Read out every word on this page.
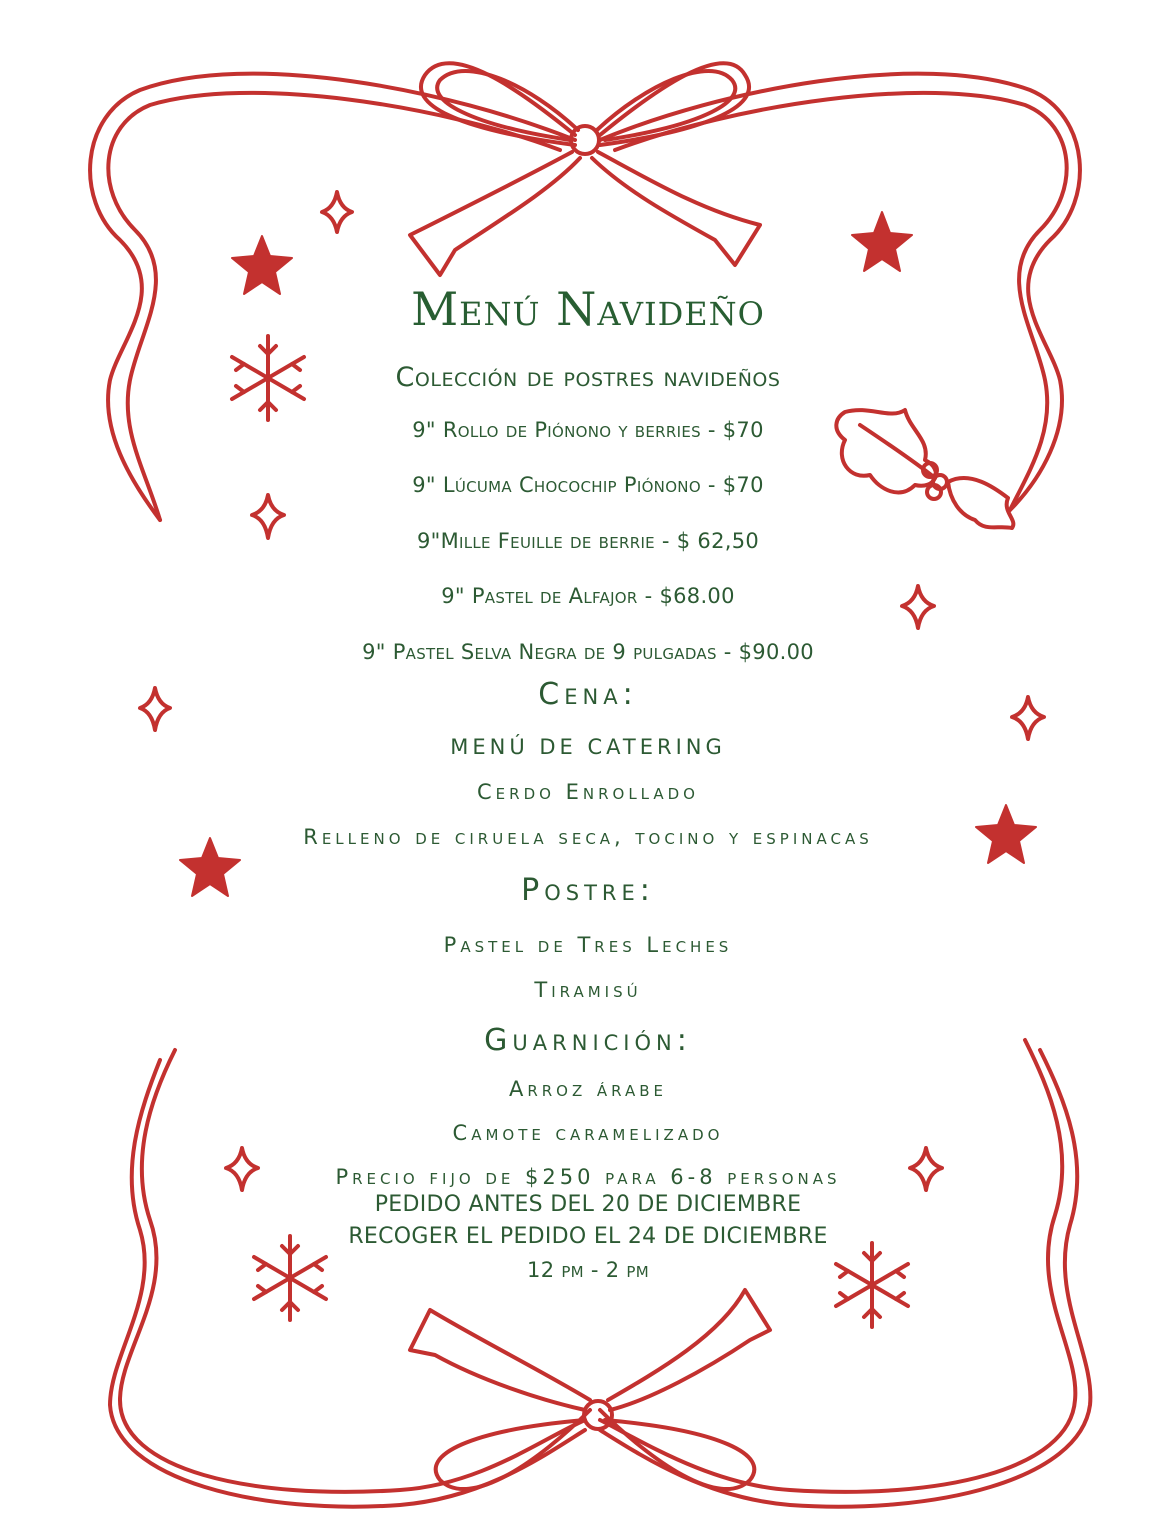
Menú Navideño
Colección de postres navideños
9" Rollo de Piónono y berries - $70
9" Lúcuma Chocochip Piónono - $70
9"Mille Feuille de berrie - $ 62,50
9" Pastel de Alfajor - $68.00
9" Pastel Selva Negra de 9 pulgadas - $90.00
Cena:
MENÚ DE CATERING
Cerdo Enrollado
Relleno de ciruela seca, tocino y espinacas
Postre:
Pastel de Tres Leches
Tiramisú
Guarnición:
Arroz árabe
Camote caramelizado
Precio fijo de $250 para 6-8 personas
PEDIDO ANTES DEL 20 DE DICIEMBRE
RECOGER EL PEDIDO EL 24 DE DICIEMBRE
12 pm - 2 pm
